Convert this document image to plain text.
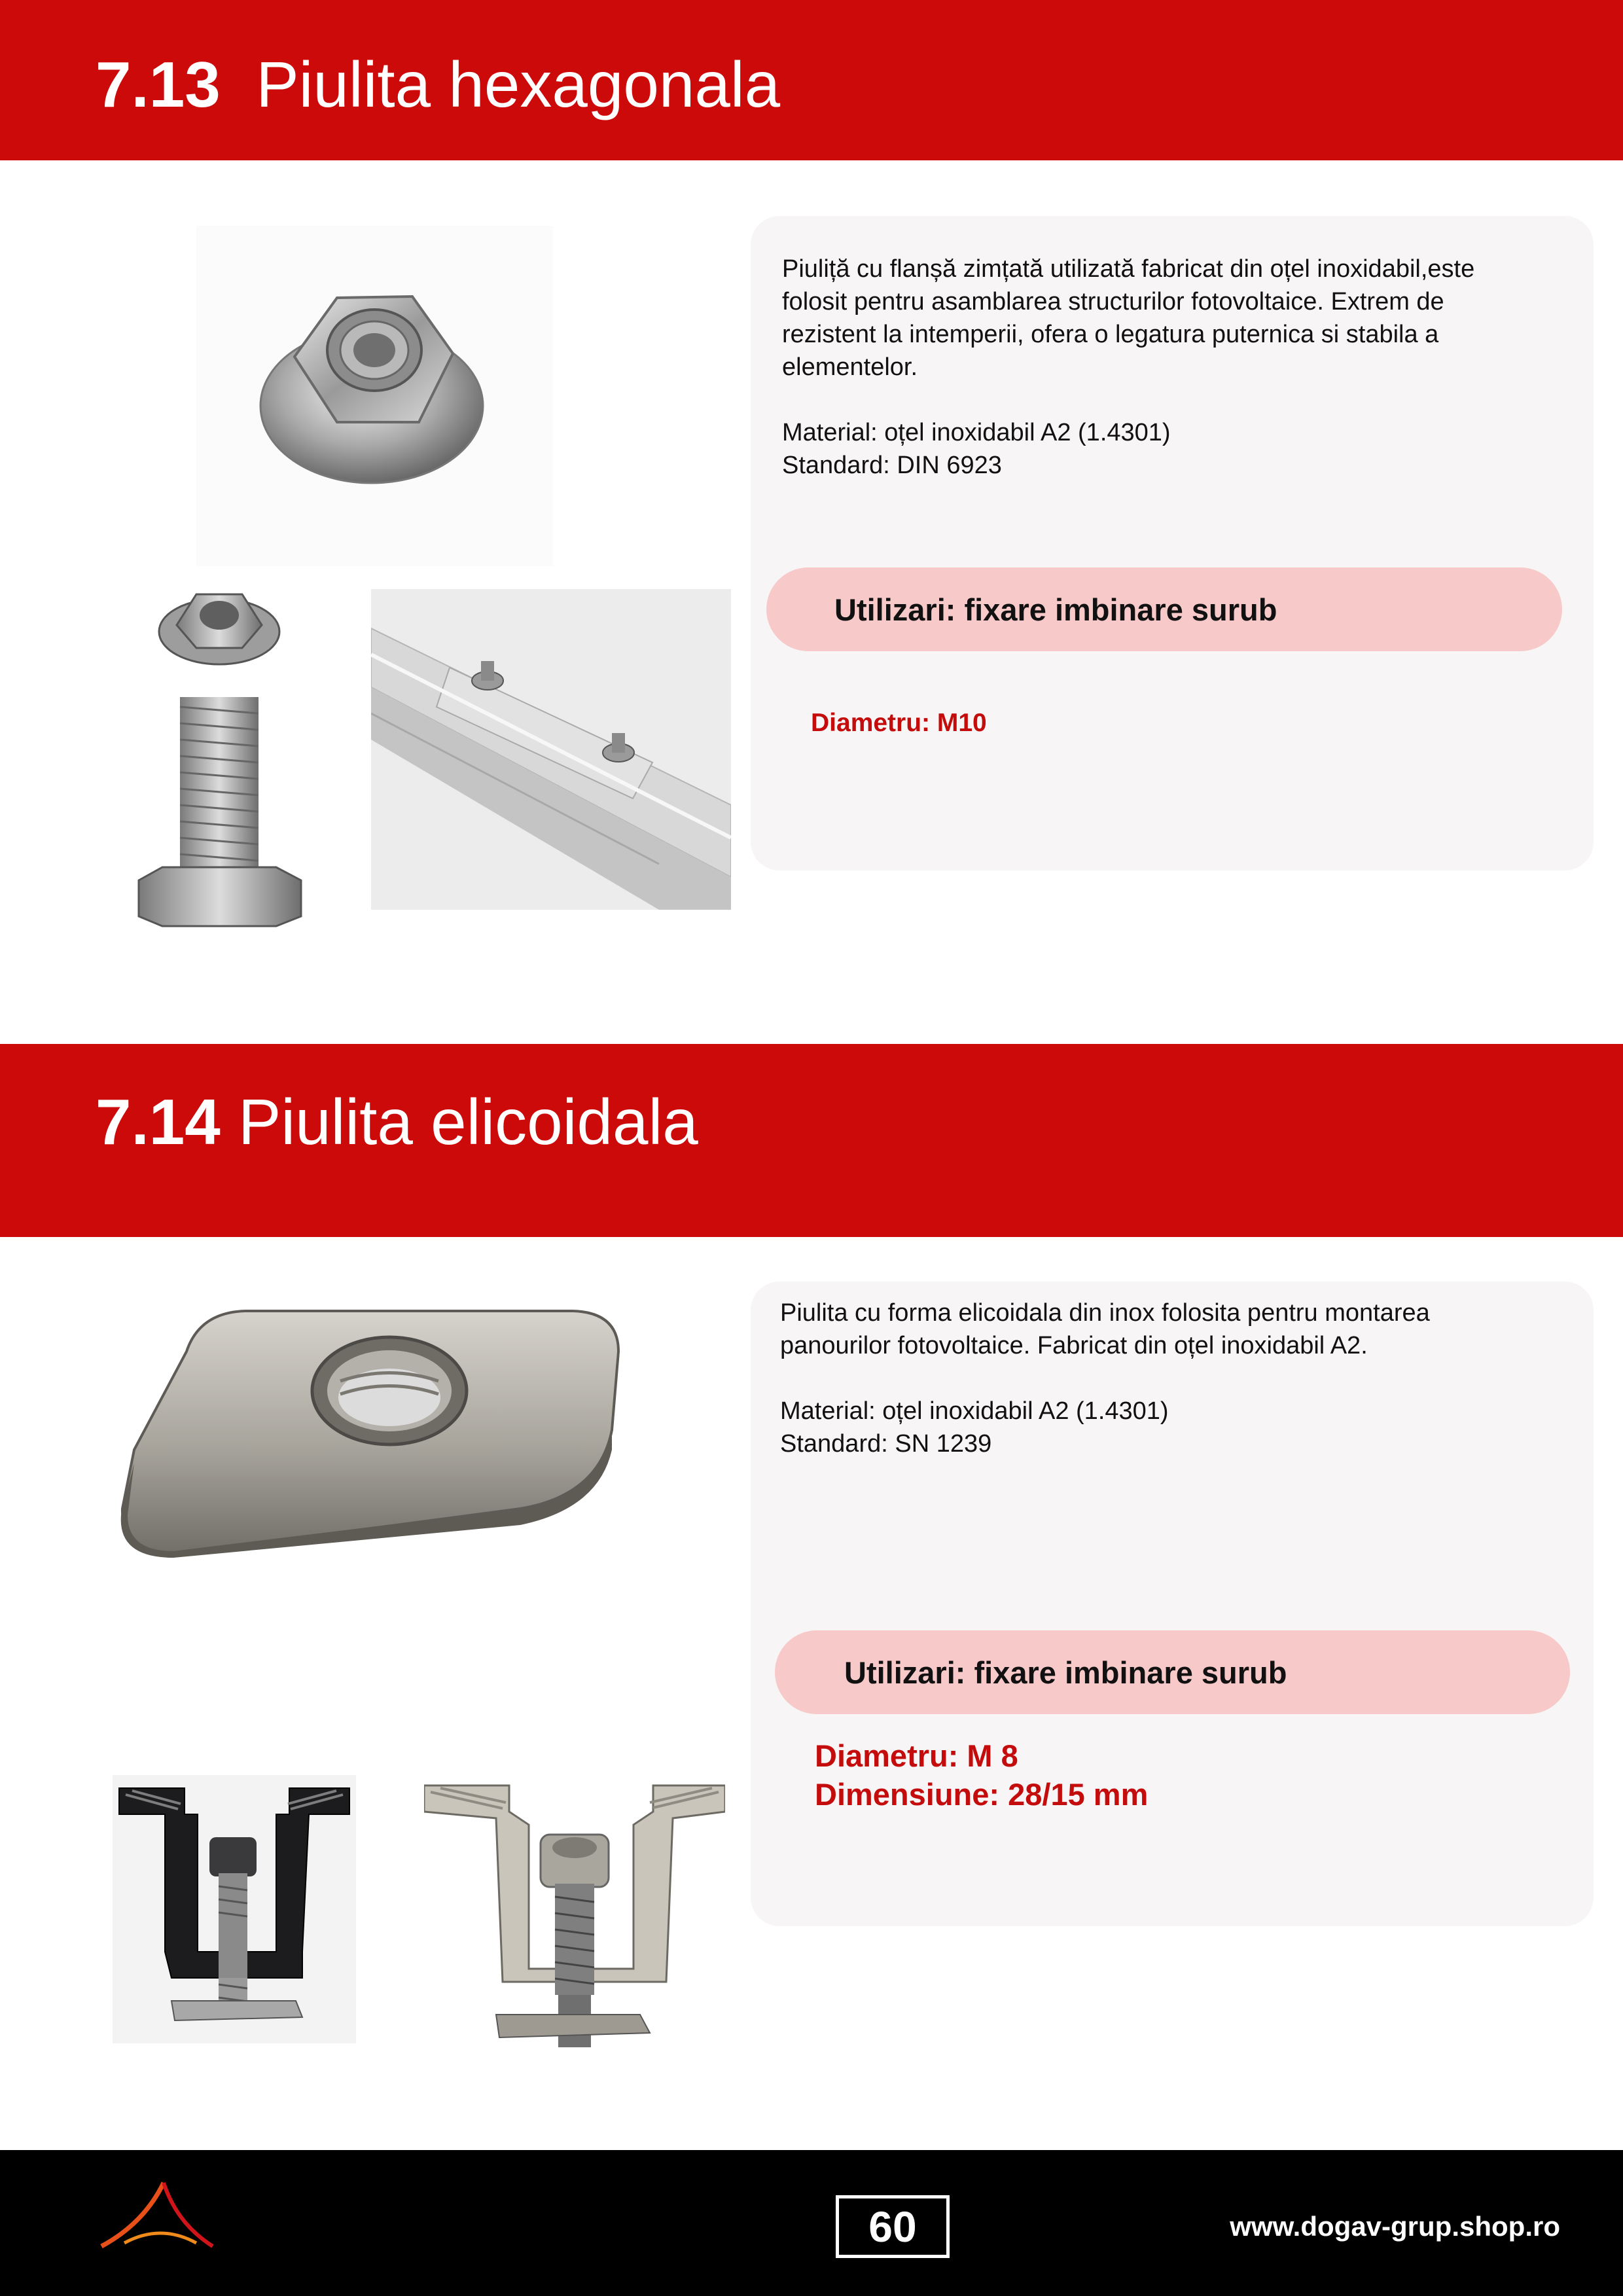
7.13 Piulita hexagonala
Piuliță cu flanșă zimțată utilizată fabricat din oțel inoxidabil,este
folosit pentru asamblarea structurilor fotovoltaice. Extrem de
rezistent la intemperii, ofera o legatura puternica si stabila a
elementelor.

Material: oțel inoxidabil A2 (1.4301)
Standard: DIN 6923
Utilizari: fixare imbinare surub
Diametru: M10
7.14 Piulita elicoidala
Piulita cu forma elicoidala din inox folosita pentru montarea
panourilor fotovoltaice. Fabricat din oțel inoxidabil A2.

Material: oțel inoxidabil A2 (1.4301)
Standard: SN 1239
Utilizari: fixare imbinare surub
Diametru: M 8
Dimensiune: 28/15 mm
60	www.dogav-grup.shop.ro
